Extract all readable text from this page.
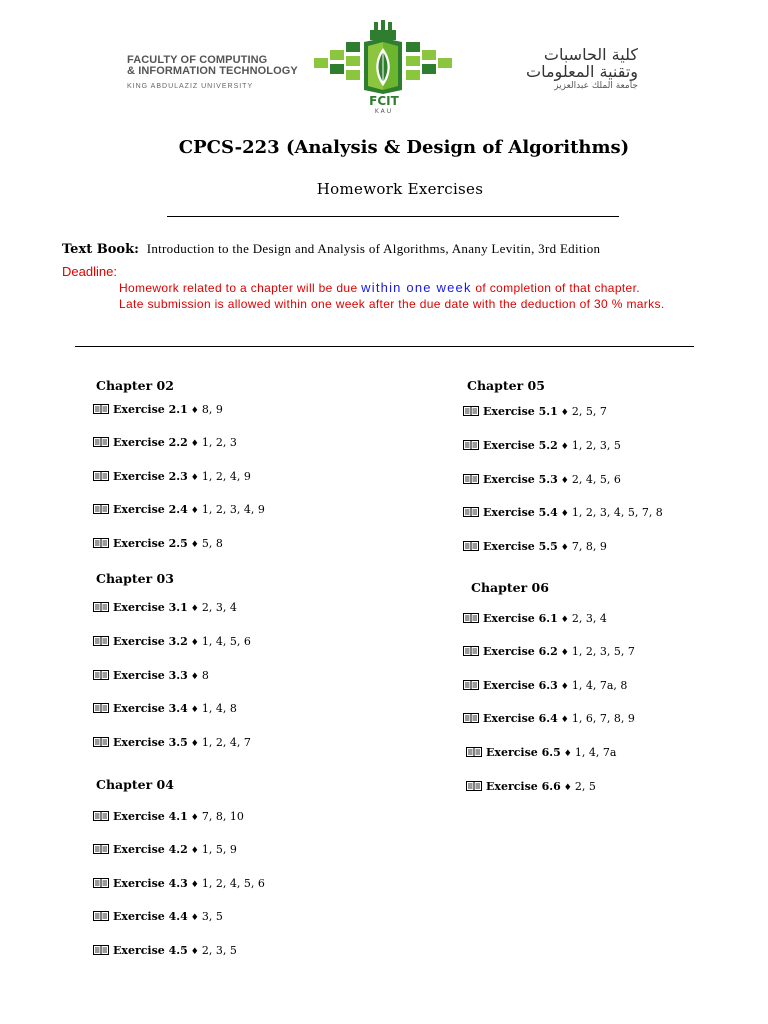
FACULTY OF COMPUTING
& INFORMATION TECHNOLOGY
KING ABDULAZIZ UNIVERSITY
FCIT
KAU
كلية الحاسبات
وتقنية المعلومات
جامعة الملك عبدالعزيز
CPCS-223 (Analysis & Design of Algorithms)
Homework Exercises
Text Book: Introduction to the Design and Analysis of Algorithms, Anany Levitin, 3rd Edition
Deadline:
Homework related to a chapter will be due within one week of completion of that chapter.
Late submission is allowed within one week after the due date with the deduction of 30 % marks.
Chapter 02
Exercise 2.1 ♦ 8, 9
Exercise 2.2 ♦ 1, 2, 3
Exercise 2.3 ♦ 1, 2, 4, 9
Exercise 2.4 ♦ 1, 2, 3, 4, 9
Exercise 2.5 ♦ 5, 8
Chapter 03
Exercise 3.1 ♦ 2, 3, 4
Exercise 3.2 ♦ 1, 4, 5, 6
Exercise 3.3 ♦ 8
Exercise 3.4 ♦ 1, 4, 8
Exercise 3.5 ♦ 1, 2, 4, 7
Chapter 04
Exercise 4.1 ♦ 7, 8, 10
Exercise 4.2 ♦ 1, 5, 9
Exercise 4.3 ♦ 1, 2, 4, 5, 6
Exercise 4.4 ♦ 3, 5
Exercise 4.5 ♦ 2, 3, 5
Chapter 05
Exercise 5.1 ♦ 2, 5, 7
Exercise 5.2 ♦ 1, 2, 3, 5
Exercise 5.3 ♦ 2, 4, 5, 6
Exercise 5.4 ♦ 1, 2, 3, 4, 5, 7, 8
Exercise 5.5 ♦ 7, 8, 9
Chapter 06
Exercise 6.1 ♦ 2, 3, 4
Exercise 6.2 ♦ 1, 2, 3, 5, 7
Exercise 6.3 ♦ 1, 4, 7a, 8
Exercise 6.4 ♦ 1, 6, 7, 8, 9
Exercise 6.5 ♦ 1, 4, 7a
Exercise 6.6 ♦ 2, 5
